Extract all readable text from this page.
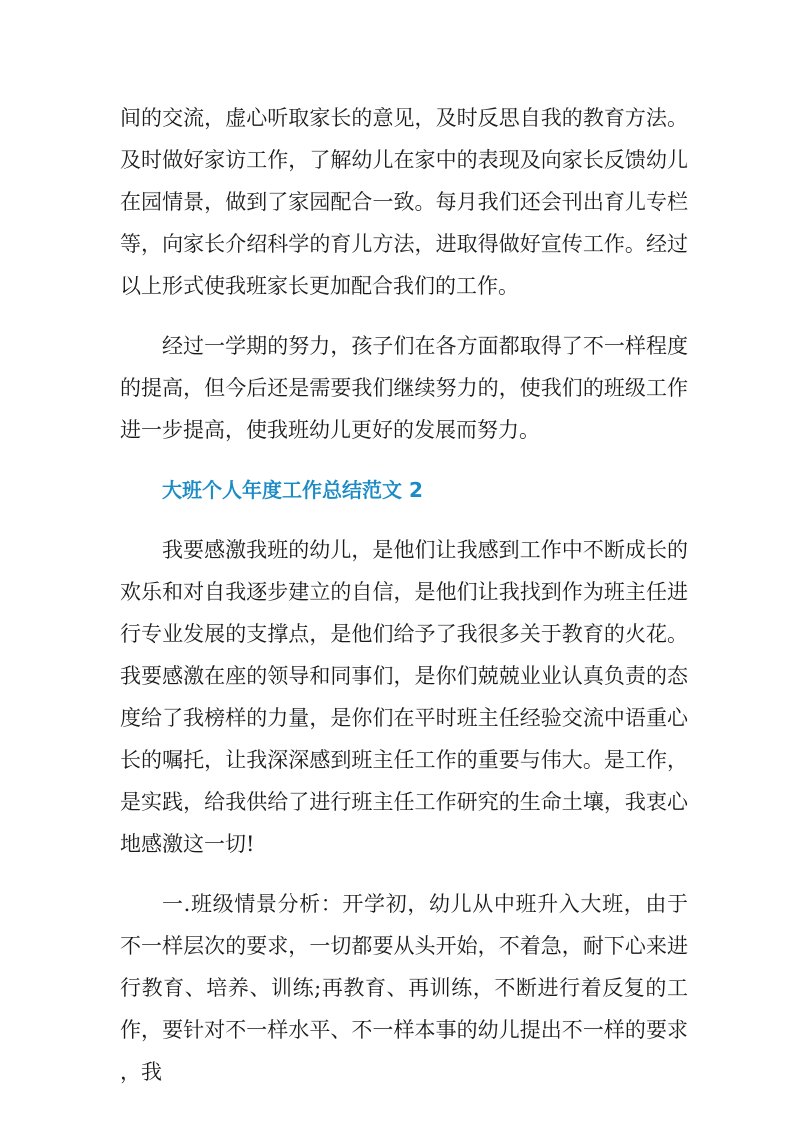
间的交流，虚心听取家长的意见，及时反思自我的教育方法。及时做好家访工作，了解幼儿在家中的表现及向家长反馈幼儿在园情景，做到了家园配合一致。每月我们还会刊出育儿专栏等，向家长介绍科学的育儿方法，进取得做好宣传工作。经过以上形式使我班家长更加配合我们的工作。

经过一学期的努力，孩子们在各方面都取得了不一样程度的提高，但今后还是需要我们继续努力的，使我们的班级工作进一步提高，使我班幼儿更好的发展而努力。

大班个人年度工作总结范文 2

我要感激我班的幼儿，是他们让我感到工作中不断成长的欢乐和对自我逐步建立的自信，是他们让我找到作为班主任进行专业发展的支撑点，是他们给予了我很多关于教育的火花。我要感激在座的领导和同事们，是你们兢兢业业认真负责的态度给了我榜样的力量，是你们在平时班主任经验交流中语重心长的嘱托，让我深深感到班主任工作的重要与伟大。是工作，是实践，给我供给了进行班主任工作研究的生命土壤，我衷心地感激这一切!

一.班级情景分析：开学初，幼儿从中班升入大班，由于不一样层次的要求，一切都要从头开始，不着急，耐下心来进行教育、培养、训练;再教育、再训练，不断进行着反复的工作，要针对不一样水平、不一样本事的幼儿提出不一样的要求，我
